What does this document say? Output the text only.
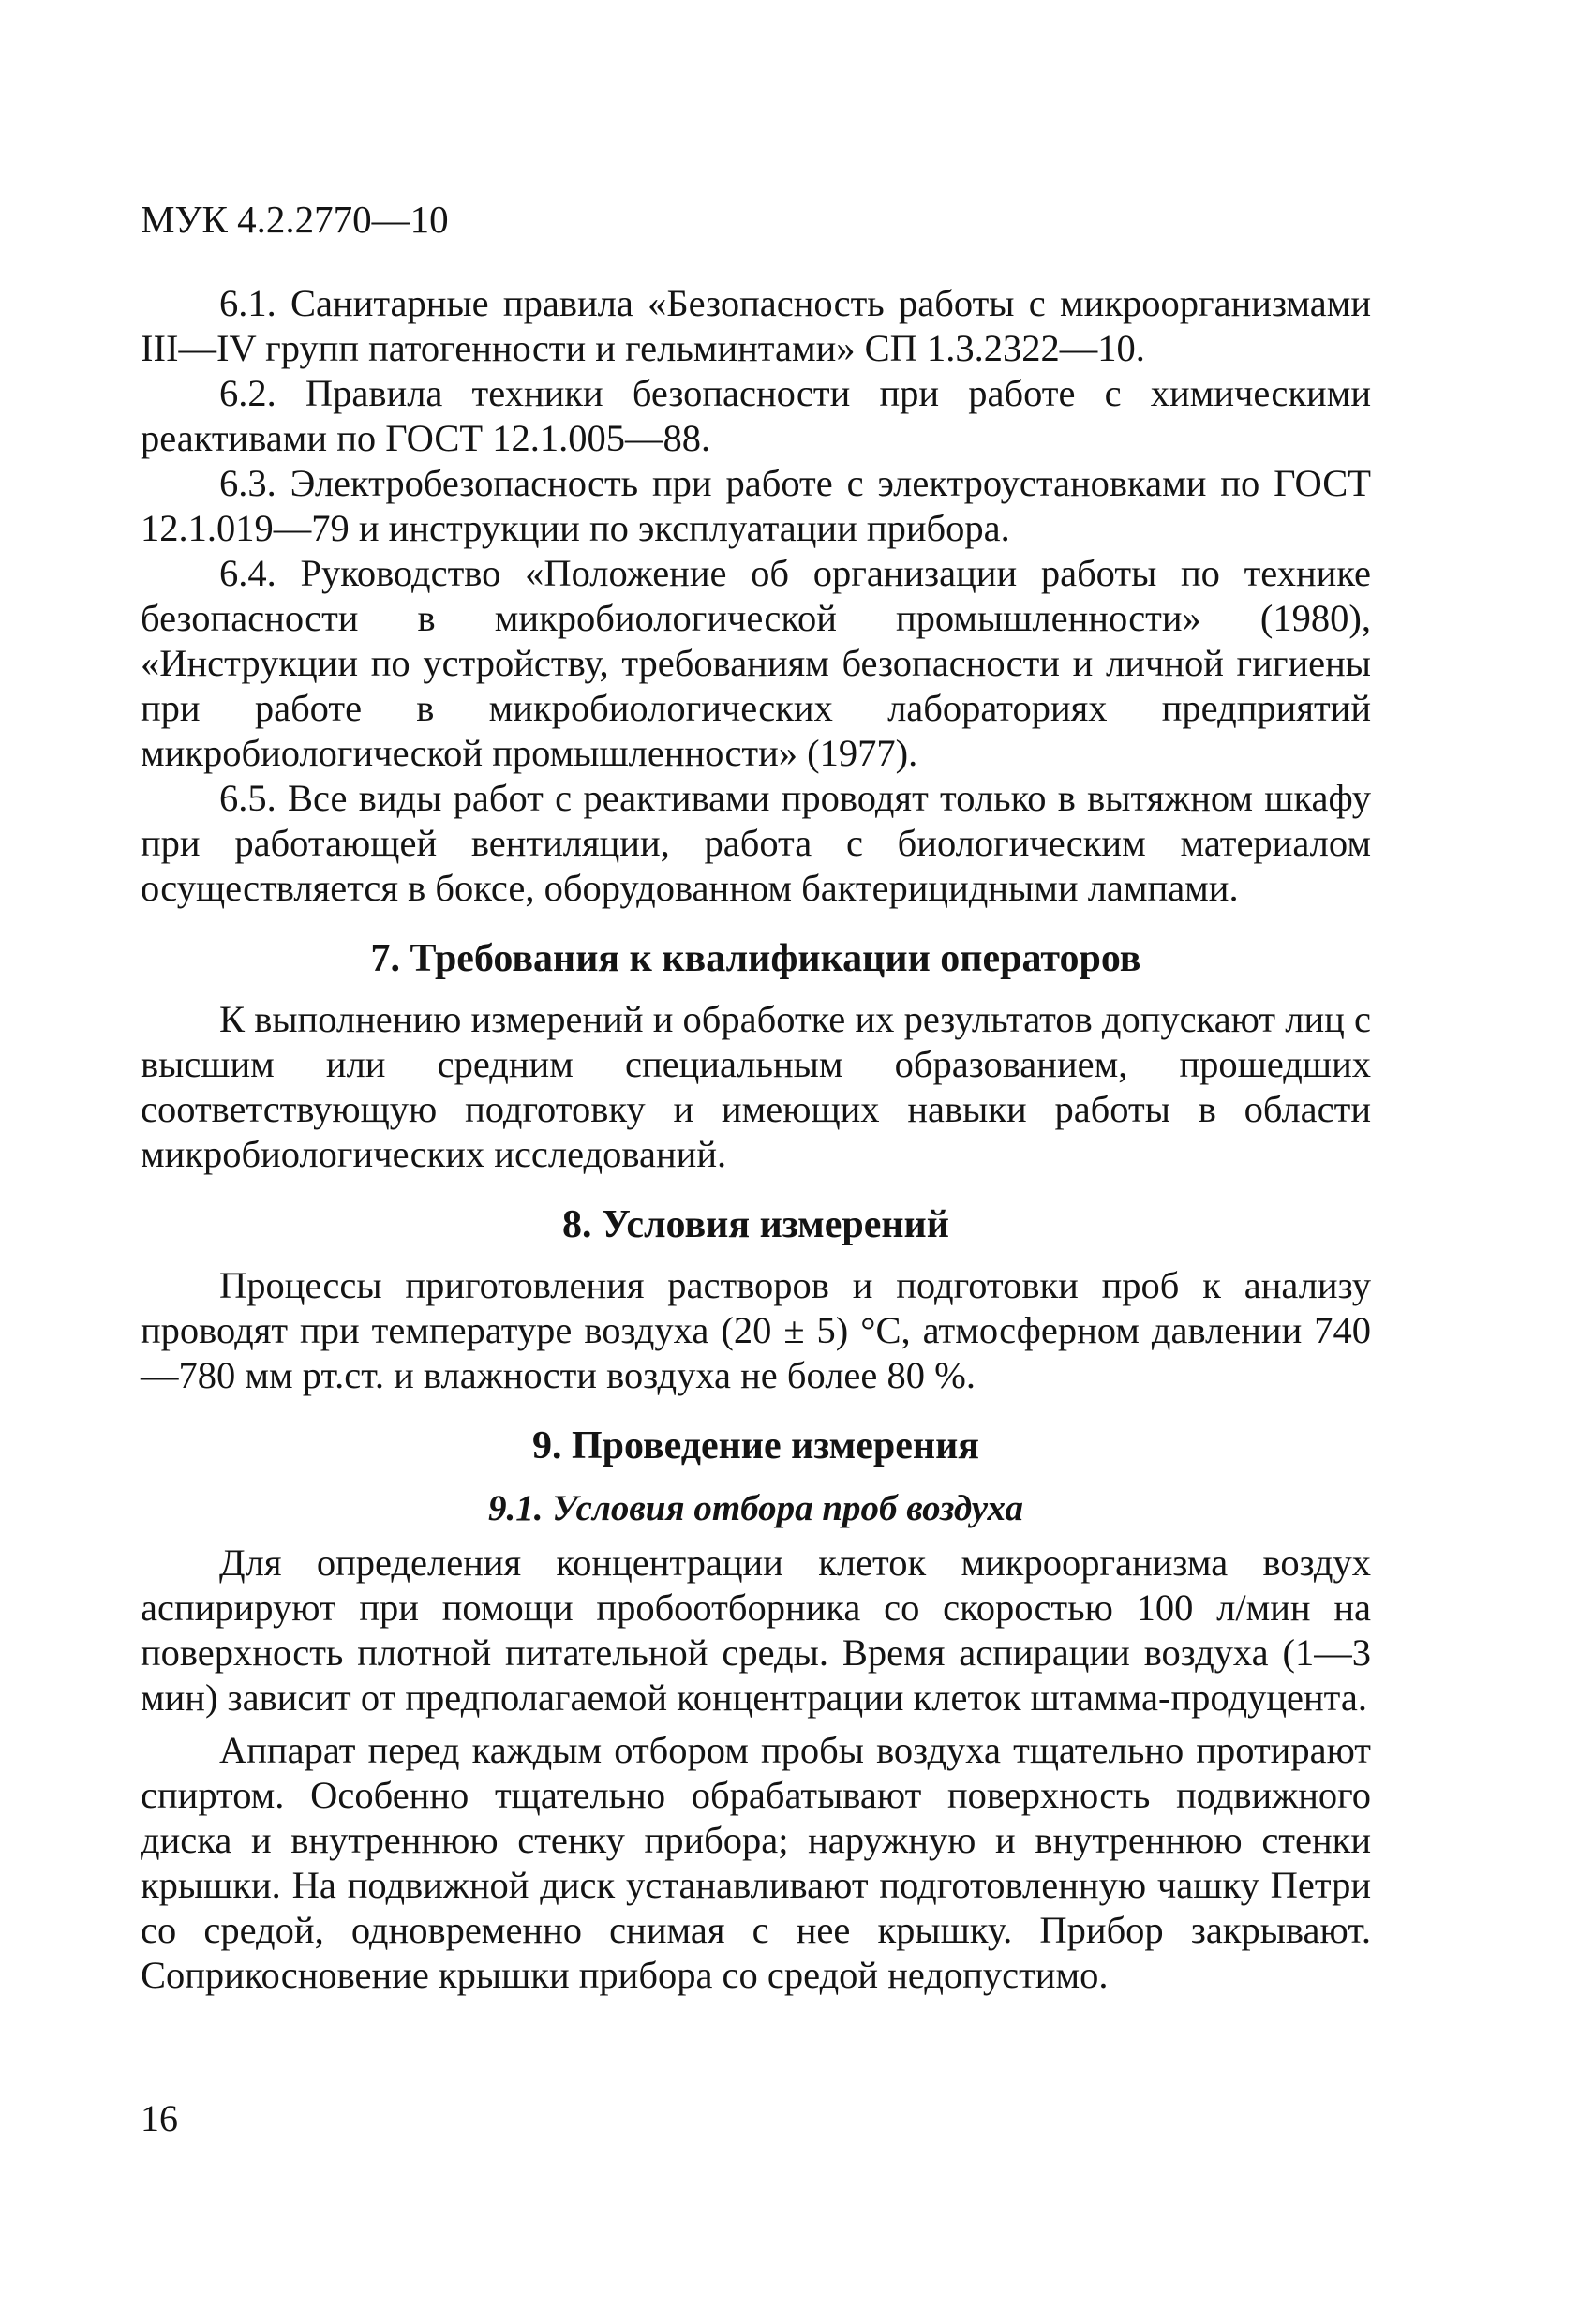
МУК 4.2.2770—10

6.1. Санитарные правила «Безопасность работы с микроорганизмами III—IV групп патогенности и гельминтами» СП 1.3.2322—10.

6.2. Правила техники безопасности при работе с химическими реактивами по ГОСТ 12.1.005—88.

6.3. Электробезопасность при работе с электроустановками по ГОСТ 12.1.019—79 и инструкции по эксплуатации прибора.

6.4. Руководство «Положение об организации работы по технике безопасности в микробиологической промышленности» (1980), «Инструкции по устройству, требованиям безопасности и личной гигиены при работе в микробиологических лабораториях предприятий микробиологической промышленности» (1977).

6.5. Все виды работ с реактивами проводят только в вытяжном шкафу при работающей вентиляции, работа с биологическим материалом осуществляется в боксе, оборудованном бактерицидными лампами.

7. Требования к квалификации операторов

К выполнению измерений и обработке их результатов допускают лиц с высшим или средним специальным образованием, прошедших соответствующую подготовку и имеющих навыки работы в области микробиологических исследований.

8. Условия измерений

Процессы приготовления растворов и подготовки проб к анализу проводят при температуре воздуха (20 ± 5) °С, атмосферном давлении 740—780 мм рт.ст. и влажности воздуха не более 80 %.

9. Проведение измерения
9.1. Условия отбора проб воздуха

Для определения концентрации клеток микроорганизма воздух аспирируют при помощи пробоотборника со скоростью 100 л/мин на поверхность плотной питательной среды. Время аспирации воздуха (1—3 мин) зависит от предполагаемой концентрации клеток штамма-продуцента.

Аппарат перед каждым отбором пробы воздуха тщательно протирают спиртом. Особенно тщательно обрабатывают поверхность подвижного диска и внутреннюю стенку прибора; наружную и внутреннюю стенки крышки. На подвижной диск устанавливают подготовленную чашку Петри со средой, одновременно снимая с нее крышку. Прибор закрывают. Соприкосновение крышки прибора со средой недопустимо.

16
